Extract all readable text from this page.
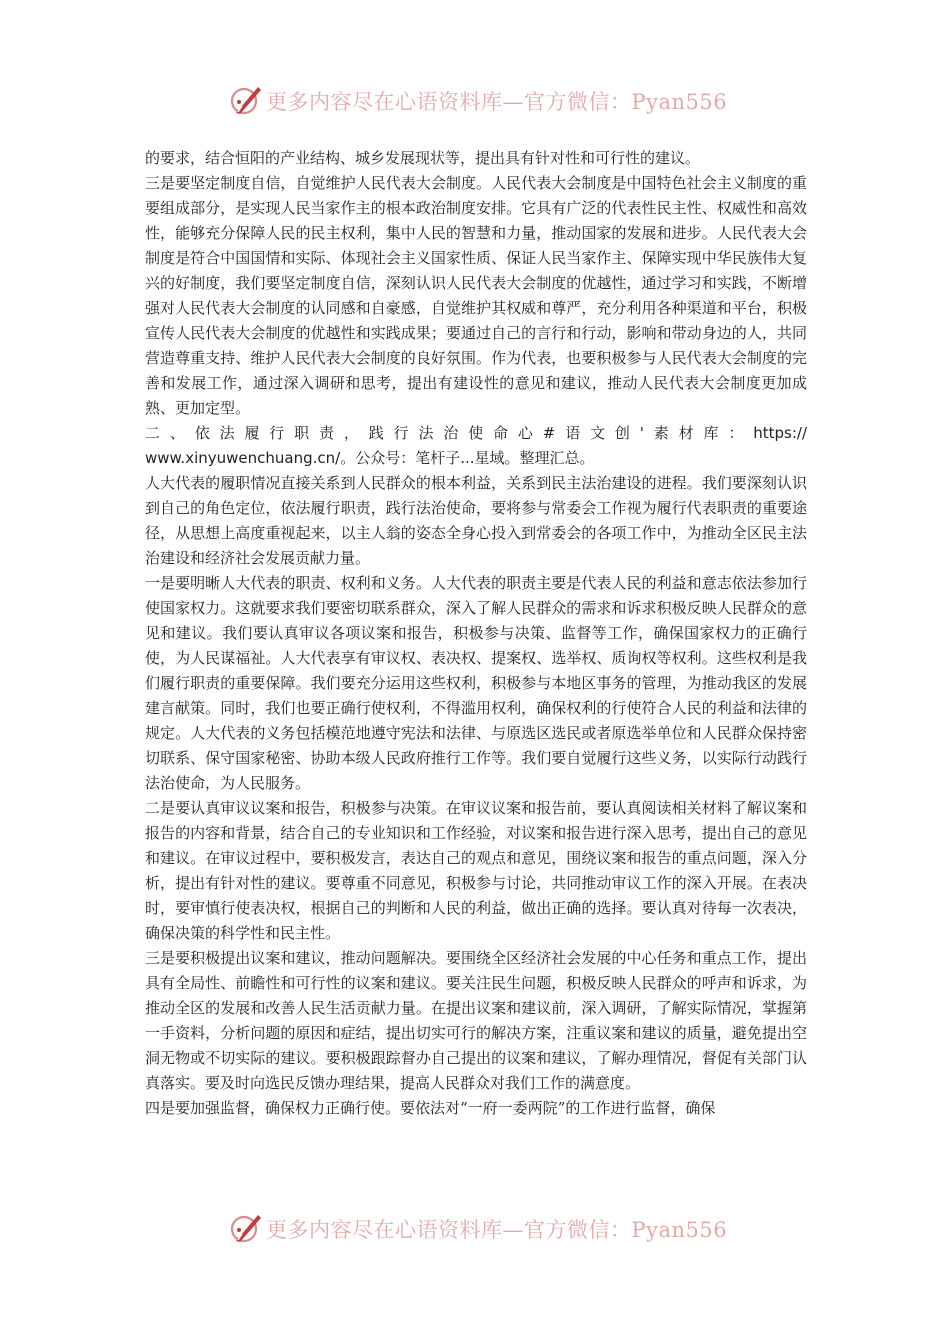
更多内容尽在心语资料库—官方微信：Pyan556

的要求，结合恒阳的产业结构、城乡发展现状等，提出具有针对性和可行性的建议。

三是要坚定制度自信，自觉维护人民代表大会制度。人民代表大会制度是中国特色社会主义制度的重要组成部分，是实现人民当家作主的根本政治制度安排。它具有广泛的代表性民主性、权威性和高效性，能够充分保障人民的民主权利，集中人民的智慧和力量，推动国家的发展和进步。人民代表大会制度是符合中国国情和实际、体现社会主义国家性质、保证人民当家作主、保障实现中华民族伟大复兴的好制度，我们要坚定制度自信，深刻认识人民代表大会制度的优越性，通过学习和实践，不断增强对人民代表大会制度的认同感和自豪感，自觉维护其权威和尊严，充分利用各种渠道和平台，积极宣传人民代表大会制度的优越性和实践成果；要通过自己的言行和行动，影响和带动身边的人，共同营造尊重支持、维护人民代表大会制度的良好氛围。作为代表，也要积极参与人民代表大会制度的完善和发展工作，通过深入调研和思考，提出有建设性的意见和建议，推动人民代表大会制度更加成熟、更加定型。

二、依法履行职责，践行法治使命心#语文创'素材库：https://

www.xinyuwenchuang.cn/。公众号：笔杆子...星域。整理汇总。

人大代表的履职情况直接关系到人民群众的根本利益，关系到民主法治建设的进程。我们要深刻认识到自己的角色定位，依法履行职责，践行法治使命，要将参与常委会工作视为履行代表职责的重要途径，从思想上高度重视起来，以主人翁的姿态全身心投入到常委会的各项工作中，为推动全区民主法治建设和经济社会发展贡献力量。

一是要明晰人大代表的职责、权利和义务。人大代表的职责主要是代表人民的利益和意志依法参加行使国家权力。这就要求我们要密切联系群众，深入了解人民群众的需求和诉求积极反映人民群众的意见和建议。我们要认真审议各项议案和报告，积极参与决策、监督等工作，确保国家权力的正确行使，为人民谋福祉。人大代表享有审议权、表决权、提案权、选举权、质询权等权利。这些权利是我们履行职责的重要保障。我们要充分运用这些权利，积极参与本地区事务的管理，为推动我区的发展建言献策。同时，我们也要正确行使权利，不得滥用权利，确保权利的行使符合人民的利益和法律的规定。人大代表的义务包括模范地遵守宪法和法律、与原选区选民或者原选举单位和人民群众保持密切联系、保守国家秘密、协助本级人民政府推行工作等。我们要自觉履行这些义务，以实际行动践行法治使命，为人民服务。

二是要认真审议议案和报告，积极参与决策。在审议议案和报告前，要认真阅读相关材料了解议案和报告的内容和背景，结合自己的专业知识和工作经验，对议案和报告进行深入思考，提出自己的意见和建议。在审议过程中，要积极发言，表达自己的观点和意见，围绕议案和报告的重点问题，深入分析，提出有针对性的建议。要尊重不同意见，积极参与讨论，共同推动审议工作的深入开展。在表决时，要审慎行使表决权，根据自己的判断和人民的利益，做出正确的选择。要认真对待每一次表决，确保决策的科学性和民主性。

三是要积极提出议案和建议，推动问题解决。要围绕全区经济社会发展的中心任务和重点工作，提出具有全局性、前瞻性和可行性的议案和建议。要关注民生问题，积极反映人民群众的呼声和诉求，为推动全区的发展和改善人民生活贡献力量。在提出议案和建议前，深入调研，了解实际情况，掌握第一手资料，分析问题的原因和症结，提出切实可行的解决方案，注重议案和建议的质量，避免提出空洞无物或不切实际的建议。要积极跟踪督办自己提出的议案和建议，了解办理情况，督促有关部门认真落实。要及时向选民反馈办理结果，提高人民群众对我们工作的满意度。

四是要加强监督，确保权力正确行使。要依法对“一府一委两院”的工作进行监督，确保

更多内容尽在心语资料库—官方微信：Pyan556
